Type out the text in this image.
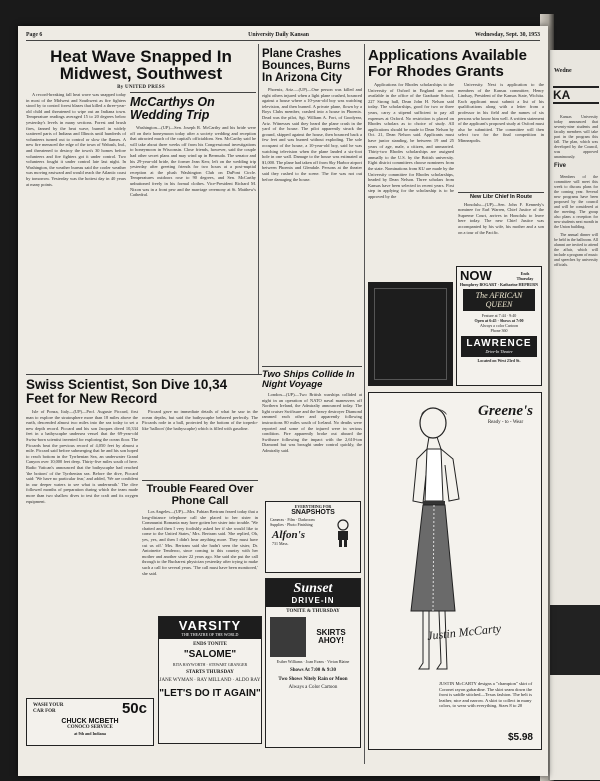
Wedne
KA
Kansas University today announced that seventy-nine students and faculty members will take part in the program this fall. The plan, which was developed by the Council, was approved unanimously.
Five
Members of the committee will meet this week to discuss plans for the coming year. Several new programs have been proposed by the council and will be considered at the meeting. The group also plans a reception for new students next month in the Union building.
The annual dinner will be held in the ballroom. All alumni are invited to attend the affair, which will include a program of music and speeches by university officials.
Page 6	University Daily Kansan	Wednesday, Sept. 30, 1953
Heat Wave Snapped In Midwest, Southwest
By UNITED PRESS
A record-breaking fall heat wave was snapped today in most of the Midwest and Southwest as fire fighters stood by to control forest blazes that killed a three-year-old child and threatened to wipe out an Indiana town. Temperature readings averaged 15 to 20 degrees below yesterday's levels in many sections. Forest and brush fires, fanned by the heat wave, burned in widely scattered parts of Indiana and Illinois until hundreds of volunteers turned out to control or slow the flames. A new fire menaced the edge of the town of Wabash, Ind., and threatened to destroy the town's 30 homes before volunteers and fire fighters got it under control. Two volunteers fought it under control late last night. In Washington, the weather bureau said the cooler weather was moving eastward and would reach the Atlantic coast by tomorrow. Yesterday was the hottest day in 40 years at many points.
McCarthys On Wedding Trip
Washington—(UP)—Sen. Joseph R. McCarthy and his bride were off on their honeymoon today after a society wedding and reception that attracted much of the capital's officialdom. Sen. McCarthy said he will take about three weeks off from his Congressional investigations to honeymoon in Wisconsin. Close friends, however, said the couple had other secret plans and may wind up in Bermuda. The senator and his 29-year-old bride, the former Jean Kerr, left on the wedding trip yesterday after greeting friends for two hours at a post-nuptial reception at the plush Washington Club on DuPont Circle. Temperatures outdoors rose to 90 degrees, and Sen. McCarthy unbuttoned freely in his formal clothes. Vice-President Richard M. Nixon was in a front pew and the marriage ceremony at St. Matthew's Cathedral.
Plane Crashes Bounces, Burns In Arizona City
Phoenix, Ariz.—(UP)—One person was killed and eight others injured when a light plane crashed, bounced against a house where a 10-year-old boy was watching television, and then burned. A private plane, flown by a Boys Clubs member, crashed into a house in Phoenix. Dead was the pilot, Sgt. William A. Fort, of Goodyear, Ariz. Witnesses said they heard the plane crash in the yard of the house. The pilot apparently struck the ground, skipped against the house, then bounced back a few feet and was burned without exploding. The sole occupant of the house, a 10-year-old boy, said he was watching television when the plane landed a six-foot hole in one wall. Damage to the house was estimated at $1,000. The plane had taken off from Sky Harbor airport between Phoenix and Glendale. Persons at the theater said they rushed to the scene. The fire was not out before damaging the house.
Applications Available For Rhodes Grants
Applications for Rhodes scholarships to the University of Oxford in England are now available in the office of the Graduate School, 227 Strong hall, Dean John H. Nelson said today. The scholarships, good for two or three years, carry a stipend sufficient to pay all expenses at Oxford. No restriction is placed on Rhodes scholars as to choice of study. All applications should be made to Dean Nelson by Oct. 21, Dean Nelson said. Applicants must have junior standing, be between 19 and 25 years of age, male, a citizen, and unmarried. Thirty-two Rhodes scholarships are assigned annually to the U.S. by the British university. Eight district committees choose nominees from the state. Nominations from KU are made by the University committee for Rhodes scholarships, headed by Dean Nelson. Three scholars from Kansas have been selected in recent years. First step in applying for the scholarship is to be approved by the
University. Next is application to the members of the Kansas committee, Henry Lindsay, President of the Kansas State, Wichita. Each applicant must submit a list of his qualifications along with a letter from a professor in his field and the names of six persons who know him well. A written statement of the applicant's proposed study at Oxford must also be submitted. The committee will then select two for the final competition in Minneapolis.
New Libr Chief In Route
Honolulu—(UP)—Sen. John F. Kennedy's nominee for Earl Warren, Chief Justice of the Supreme Court, arrives in Honolulu to leave here today. The new Chief Justice was accompanied by his wife, his mother and a son on a tour of the Pacific.
NOW	Ends Thursday
Humphrey BOGART · Katharine HEPBURN
The AFRICAN QUEEN
Feature at 7:44 · 9:40
Open at 6:45 · Shows at 7:00
Always a color Cartoon
Phone 360
LAWRENCE
Drive-In Theatre
Located on West 23rd St.
Swiss Scientist, Son Dive 10,34 Feet for New Record
Isle of Ponza, Italy—(UP)—Prof. Auguste Piccard, first man to explore the stratosphere more than 18 miles above the earth, descended almost two miles into the sea today to set a new depth record. Piccard and his son Jacques dived 10,334 feet in a bathyscaphe undersea vessel that the 69-year-old Swiss-born scientist invented for exploring the ocean floor. The Piccards beat the previous record of 4,050 feet by almost a mile. Piccard said before submerging that he and his son hoped to reach bottom in the Tyrrhenian Sea, an underwater Grand Canyon over 10,000 feet deep. Thirty-five miles south of here. Radio Vatican's announced that the bathyscaphe had reached 'the bottom' of the Tyrrhenian sea. Before the dive, Piccard said: 'We have no particular fear,' and added, 'We are confident in our deeper waters to see what is underneath.' The dive followed months of preparation during which the team made more than two shallow dives to test the craft and its oxygen equipment.
Piccard gave no immediate details of what he saw in the ocean depths, but said the bathyscaphe behaved perfectly. The Piccards rode in a ball, protected by the bottom of the torpedo-like 'balloon' (the bathyscaphe) which is filled with gasoline.
Trouble Feared Over Phone Call
Los Angeles—(UP)—Mrs. Fabian Bertram feared today that a long-distance telephone call she placed to her sister in Communist Romania may have gotten her sister into trouble. 'We chatted and then I very foolishly asked her if she would like to come to the United States,' Mrs. Bertram said. 'She replied, Oh, yes, yes, and then I didn't hear anything more. They must have cut us off.' Mrs. Bertram said she hadn't seen the sister, Dr. Antoinette Tenderoo, since coming to this country with her mother and another sister 22 years ago. She said she put the call through to the Bucharest physician yesterday after trying to make such a call for several years. 'The call must have been monitored,' she said.
Two Ships Collide In Night Voyage
London—(UP)—Two British warships collided at night in an operation of NATO naval maneuvers off Northern Ireland, the Admiralty announced today. The light cruiser Swiftsure and the heavy destroyer Diamond rammed each other and apparently following instructions 80 miles south of Iceland. No deaths were reported and some of the injured were in serious condition. Fire apparently broke out aboard the Swiftsure following the impact with the 2,610-ton Diamond but was brought under control quickly, the Admiralty said.
EVERYTHING FOR
SNAPSHOTS
Cameras · Film · Darkroom Supplies · Photo Finishing
Alfon's
731 Mass.
Sunset
DRIVE-IN
TONITE & THURSDAY
SKIRTS AHOY!
Esther Williams · Joan Evans · Vivian Blaine
Shows At 7:00 & 9:30
Two Shows Nitely Rain or Moon
Always a Color Cartoon
VARSITY
THE THEATRE OF THE WORLD
ENDS TONITE
"SALOME"
RITA HAYWORTH · STEWART GRANGER
STARTS THURSDAY
JANE WYMAN · RAY MILLAND · ALDO RAY
"LET'S DO IT AGAIN"
WASH YOUR
CAR FOR	50c
CHUCK MCBETH
CONOCO SERVICE
at 9th and Indiana
Greene's
Ready - to - Wear
Justin McCarty
JUSTIN McCARTY designs a "champion" skirt of Coronet rayon gabardine. The skirt seam down the front is saddle stitched—Texas fashion. The belt is leather, nice and narrow. A skirt to collect in many colors, to wear with everything. Sizes 8 to 20
$5.98
